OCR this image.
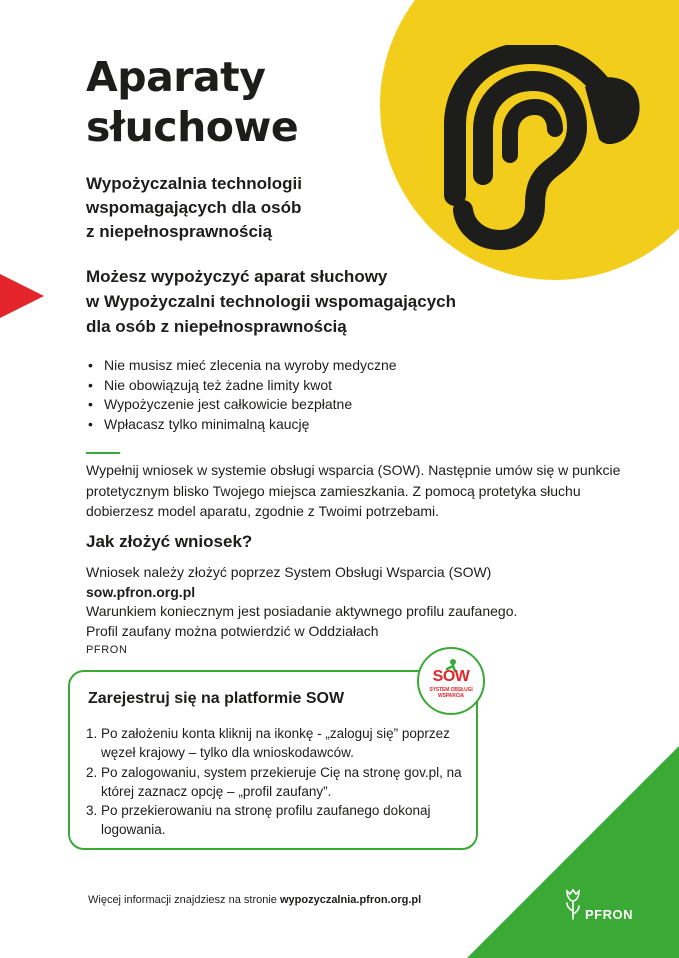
Aparaty
słuchowe
Wypożyczalnia technologii
wspomagających dla osób
z niepełnosprawnością
Możesz wypożyczyć aparat słuchowy
w Wypożyczalni technologii wspomagających
dla osób z niepełnosprawnością
• Nie musisz mieć zlecenia na wyroby medyczne
• Nie obowiązują też żadne limity kwot
• Wypożyczenie jest całkowicie bezpłatne
• Wpłacasz tylko minimalną kaucję
Wypełnij wniosek w systemie obsługi wsparcia (SOW). Następnie umów się w punkcie
protetycznym blisko Twojego miejsca zamieszkania. Z pomocą protetyka słuchu
dobierzesz model aparatu, zgodnie z Twoimi potrzebami.
Jak złożyć wniosek?
Wniosek należy złożyć poprzez System Obsługi Wsparcia (SOW)
sow.pfron.org.pl
Warunkiem koniecznym jest posiadanie aktywnego profilu zaufanego.
Profil zaufany można potwierdzić w Oddziałach
PFRON
Zarejestruj się na platformie SOW
1. Po założeniu konta kliknij na ikonkę - „zaloguj się” poprzez węzeł krajowy – tylko dla wnioskodawców.
2. Po zalogowaniu, system przekieruje Cię na stronę gov.pl, na której zaznacz opcję – „profil zaufany”.
3. Po przekierowaniu na stronę profilu zaufanego dokonaj logowania.
SOW
SYSTEM OBSŁUGI WSPARCIA

Więcej informacji znajdziesz na stronie wypozyczalnia.pfron.org.pl

PFRON
